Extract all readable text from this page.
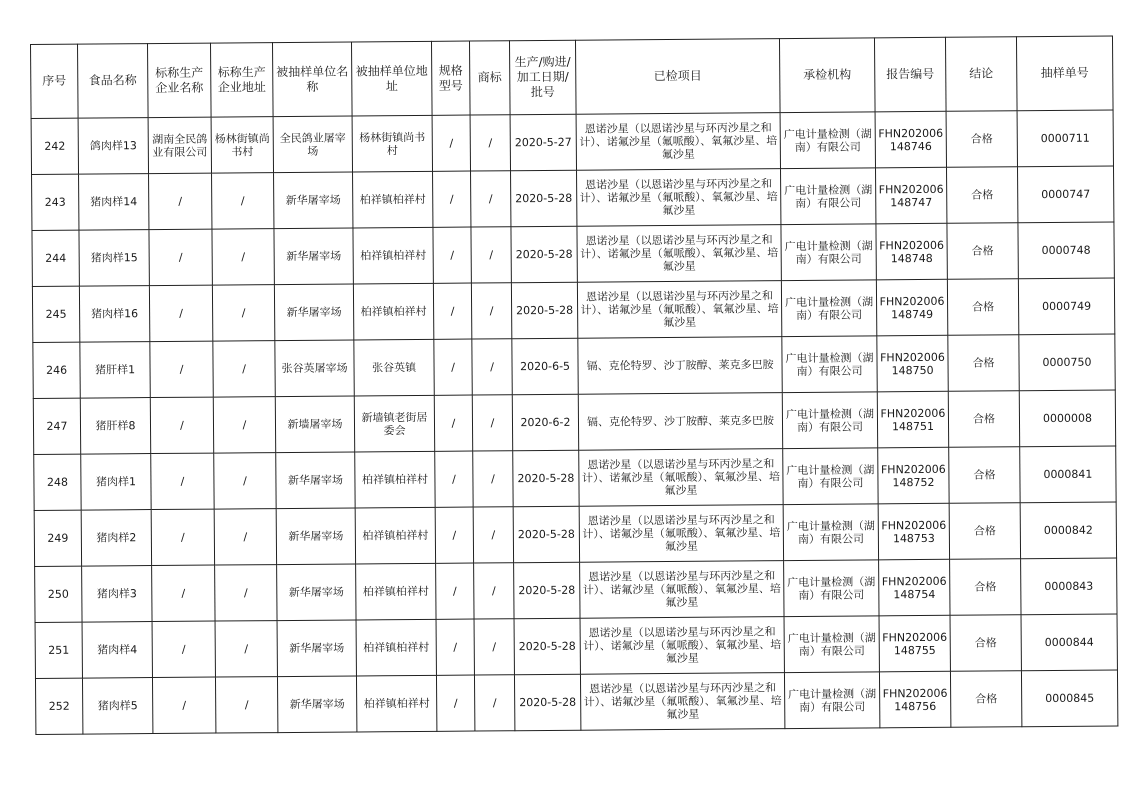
序号	食品名称	标称生产企业名称	标称生产企业地址	被抽样单位名称	被抽样单位地址	规格型号	商标	生产/购进/加工日期/批号	已检项目	承检机构	报告编号	结论	抽样单号
242	鸽肉样13	湖南全民鸽业有限公司	杨林街镇尚书村	全民鸽业屠宰场	杨林街镇尚书村	/	/	2020-5-27	恩诺沙星（以恩诺沙星与环丙沙星之和计）、诺氟沙星（氟哌酸）、氧氟沙星、培氟沙星	广电计量检测（湖南）有限公司	FHN202006148746	合格	0000711
243	猪肉样14	/	/	新华屠宰场	柏祥镇柏祥村	/	/	2020-5-28	恩诺沙星（以恩诺沙星与环丙沙星之和计）、诺氟沙星（氟哌酸）、氧氟沙星、培氟沙星	广电计量检测（湖南）有限公司	FHN202006148747	合格	0000747
244	猪肉样15	/	/	新华屠宰场	柏祥镇柏祥村	/	/	2020-5-28	恩诺沙星（以恩诺沙星与环丙沙星之和计）、诺氟沙星（氟哌酸）、氧氟沙星、培氟沙星	广电计量检测（湖南）有限公司	FHN202006148748	合格	0000748
245	猪肉样16	/	/	新华屠宰场	柏祥镇柏祥村	/	/	2020-5-28	恩诺沙星（以恩诺沙星与环丙沙星之和计）、诺氟沙星（氟哌酸）、氧氟沙星、培氟沙星	广电计量检测（湖南）有限公司	FHN202006148749	合格	0000749
246	猪肝样1	/	/	张谷英屠宰场	张谷英镇	/	/	2020-6-5	镉、克伦特罗、沙丁胺醇、莱克多巴胺	广电计量检测（湖南）有限公司	FHN202006148750	合格	0000750
247	猪肝样8	/	/	新墙屠宰场	新墙镇老街居委会	/	/	2020-6-2	镉、克伦特罗、沙丁胺醇、莱克多巴胺	广电计量检测（湖南）有限公司	FHN202006148751	合格	0000008
248	猪肉样1	/	/	新华屠宰场	柏祥镇柏祥村	/	/	2020-5-28	恩诺沙星（以恩诺沙星与环丙沙星之和计）、诺氟沙星（氟哌酸）、氧氟沙星、培氟沙星	广电计量检测（湖南）有限公司	FHN202006148752	合格	0000841
249	猪肉样2	/	/	新华屠宰场	柏祥镇柏祥村	/	/	2020-5-28	恩诺沙星（以恩诺沙星与环丙沙星之和计）、诺氟沙星（氟哌酸）、氧氟沙星、培氟沙星	广电计量检测（湖南）有限公司	FHN202006148753	合格	0000842
250	猪肉样3	/	/	新华屠宰场	柏祥镇柏祥村	/	/	2020-5-28	恩诺沙星（以恩诺沙星与环丙沙星之和计）、诺氟沙星（氟哌酸）、氧氟沙星、培氟沙星	广电计量检测（湖南）有限公司	FHN202006148754	合格	0000843
251	猪肉样4	/	/	新华屠宰场	柏祥镇柏祥村	/	/	2020-5-28	恩诺沙星（以恩诺沙星与环丙沙星之和计）、诺氟沙星（氟哌酸）、氧氟沙星、培氟沙星	广电计量检测（湖南）有限公司	FHN202006148755	合格	0000844
252	猪肉样5	/	/	新华屠宰场	柏祥镇柏祥村	/	/	2020-5-28	恩诺沙星（以恩诺沙星与环丙沙星之和计）、诺氟沙星（氟哌酸）、氧氟沙星、培氟沙星	广电计量检测（湖南）有限公司	FHN202006148756	合格	0000845
